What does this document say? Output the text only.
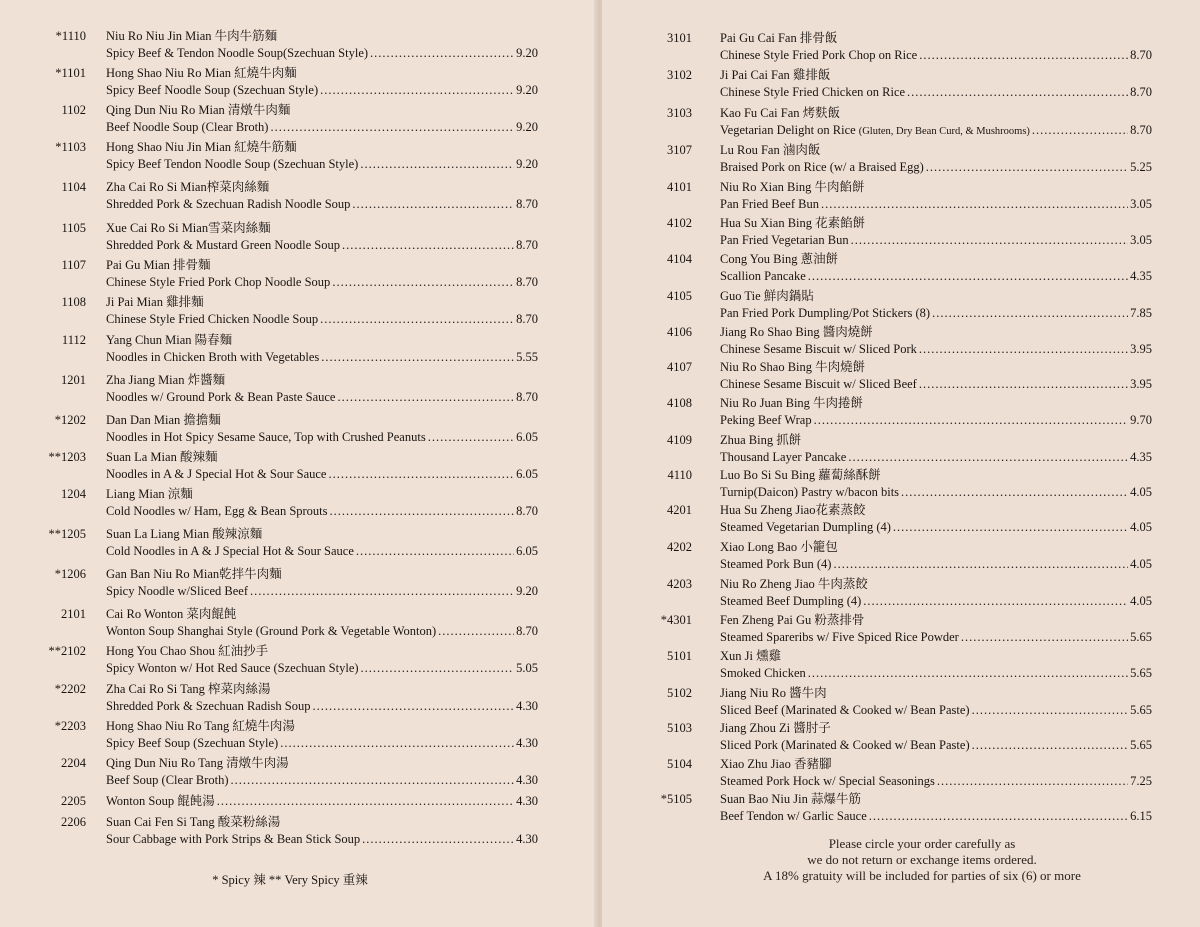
*1110 Niu Ro Niu Jin Mian 牛肉牛筋麵
Spicy Beef & Tendon Noodle Soup(Szechuan Style) .....	9.20
*1101 Hong Shao Niu Ro Mian 紅燒牛肉麵
Spicy Beef Noodle Soup (Szechuan Style) .....	9.20
1102 Qing Dun Niu Ro Mian 清燉牛肉麵
Beef Noodle Soup (Clear Broth) .....	9.20
*1103 Hong Shao Niu Jin Mian 紅燒牛筋麵
Spicy Beef Tendon Noodle Soup (Szechuan Style) .....	9.20
1104 Zha Cai Ro Si Mian榨菜肉絲麵
Shredded Pork & Szechuan Radish Noodle Soup .....	8.70
1105 Xue Cai Ro Si Mian雪菜肉絲麵
Shredded Pork & Mustard Green Noodle Soup .....	8.70
1107 Pai Gu Mian 排骨麵
Chinese Style Fried Pork Chop Noodle Soup .....	8.70
1108 Ji Pai Mian 雞排麵
Chinese Style Fried Chicken Noodle Soup .....	8.70
1112 Yang Chun Mian 陽春麵
Noodles in Chicken Broth with Vegetables .....	5.55
1201 Zha Jiang Mian 炸醬麵
Noodles w/ Ground Pork & Bean Paste Sauce .....	8.70
*1202 Dan Dan Mian 擔擔麵
Noodles in Hot Spicy Sesame Sauce, Top with Crushed Peanuts .....	6.05
**1203 Suan La Mian 酸辣麵
Noodles in A & J Special Hot & Sour Sauce .....	6.05
1204 Liang Mian 涼麵
Cold Noodles w/ Ham, Egg & Bean Sprouts .....	8.70
**1205 Suan La Liang Mian 酸辣涼麵
Cold Noodles in A & J Special Hot & Sour Sauce .....	6.05
*1206 Gan Ban Niu Ro Mian乾拌牛肉麵
Spicy Noodle w/Sliced Beef .....	9.20
2101 Cai Ro Wonton 菜肉餛飩
Wonton Soup Shanghai Style (Ground Pork & Vegetable Wonton) .....	8.70
**2102 Hong You Chao Shou 紅油抄手
Spicy Wonton w/ Hot Red Sauce (Szechuan Style) .....	5.05
*2202 Zha Cai Ro Si Tang 榨菜肉絲湯
Shredded Pork & Szechuan Radish Soup .....	4.30
*2203 Hong Shao Niu Ro Tang 紅燒牛肉湯
Spicy Beef Soup (Szechuan Style) .....	4.30
2204 Qing Dun Niu Ro Tang 清燉牛肉湯
Beef Soup (Clear Broth) .....	4.30
2205 Wonton Soup 餛飩湯 .....	4.30
2206 Suan Cai Fen Si Tang 酸菜粉絲湯
Sour Cabbage with Pork Strips & Bean Stick Soup .....	4.30	Please circle your order carefully as
we do not return or exchange items ordered.
A 18% gratuity will be included for parties of six (6) or more
3101 Pai Gu Cai Fan 排骨飯
Chinese Style Fried Pork Chop on Rice .....	8.70
3102 Ji Pai Cai Fan 雞排飯
Chinese Style Fried Chicken on Rice .....	8.70
3103 Kao Fu Cai Fan 烤麩飯
Vegetarian Delight on Rice (Gluten, Dry Bean Curd, & Mushrooms) .....	8.70
3107 Lu Rou Fan 滷肉飯
Braised Pork on Rice (w/ a Braised Egg) .....	5.25
4101 Niu Ro Xian Bing 牛肉餡餅
Pan Fried Beef Bun .....	3.05
4102 Hua Su Xian Bing 花素餡餅
Pan Fried Vegetarian Bun .....	3.05
4104 Cong You Bing 蔥油餅
Scallion Pancake .....	4.35
4105 Guo Tie 鮮肉鍋貼
Pan Fried Pork Dumpling/Pot Stickers (8) .....	7.85
4106 Jiang Ro Shao Bing 醬肉燒餅
Chinese Sesame Biscuit w/ Sliced Pork .....	3.95
4107 Niu Ro Shao Bing 牛肉燒餅
Chinese Sesame Biscuit w/ Sliced Beef .....	3.95
4108 Niu Ro Juan Bing 牛肉捲餅
Peking Beef Wrap .....	9.70
4109 Zhua Bing 抓餅
Thousand Layer Pancake .....	4.35
4110 Luo Bo Si Su Bing 蘿蔔絲酥餅
Turnip(Daicon) Pastry w/bacon bits .....	4.05
4201 Hua Su Zheng Jiao花素蒸餃
Steamed Vegetarian Dumpling (4) .....	4.05
4202 Xiao Long Bao 小籠包
Steamed Pork Bun (4) .....	4.05
4203 Niu Ro Zheng Jiao 牛肉蒸餃
Steamed Beef Dumpling (4) .....	4.05
*4301 Fen Zheng Pai Gu 粉蒸排骨
Steamed Spareribs w/ Five Spiced Rice Powder .....	5.65
5101 Xun Ji 燻雞
Smoked Chicken .....	5.65
5102 Jiang Niu Ro 醬牛肉
Sliced Beef (Marinated & Cooked w/ Bean Paste) .....	5.65
5103 Jiang Zhou Zi 醬肘子
Sliced Pork (Marinated & Cooked w/ Bean Paste) .....	5.65
5104 Xiao Zhu Jiao 香豬腳
Steamed Pork Hock w/ Special Seasonings .....	7.25
*5105 Suan Bao Niu Jin 蒜爆牛筋
Beef Tendon w/ Garlic Sauce .....	6.15
* Spicy 辣 ** Very Spicy 重辣
